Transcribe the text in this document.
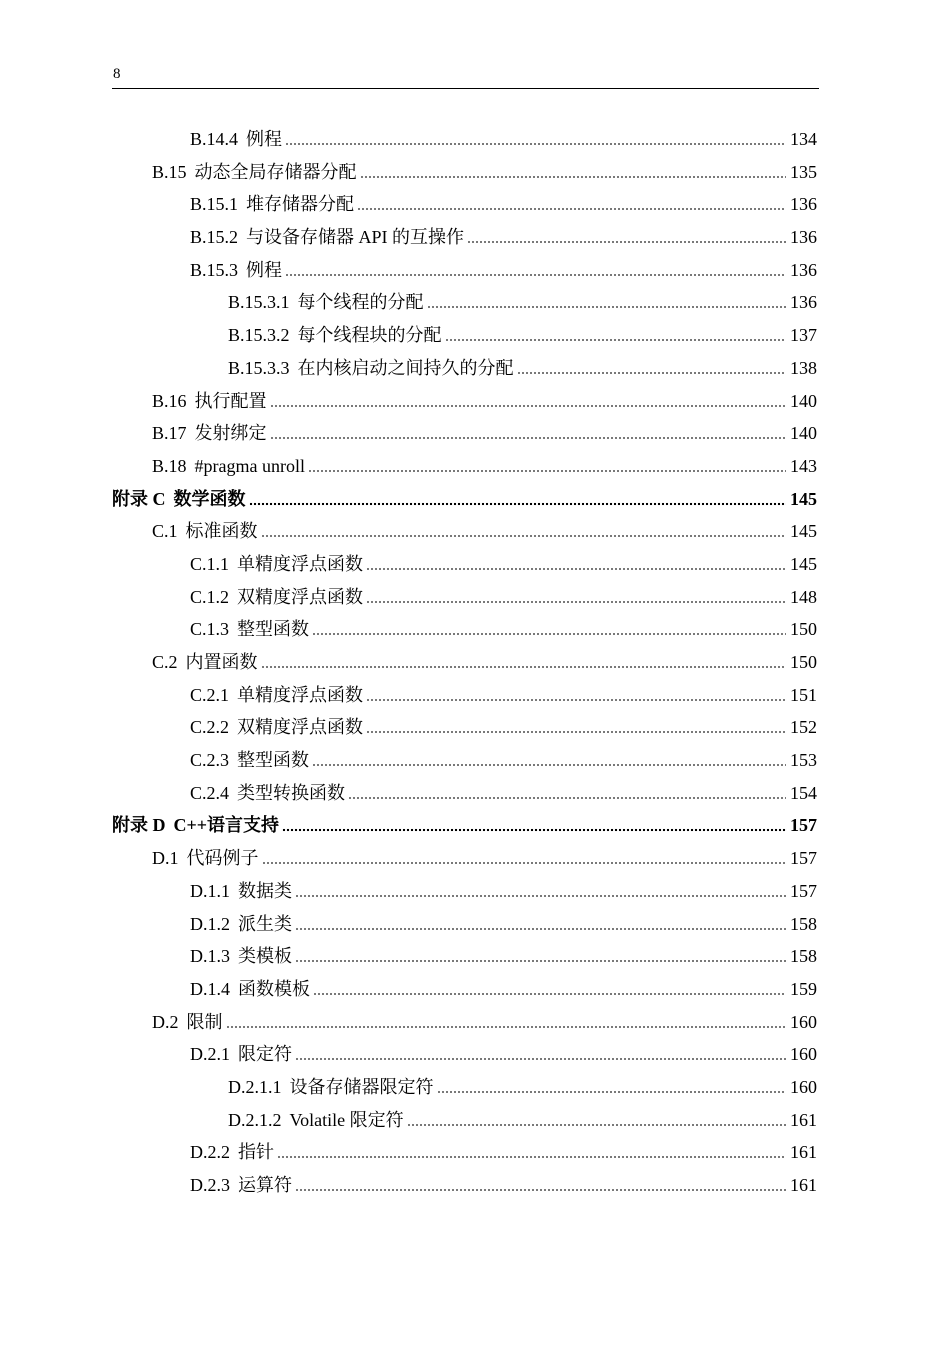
8
B.14.4 例程	134
B.15 动态全局存储器分配	135
B.15.1 堆存储器分配	136
B.15.2 与设备存储器 API 的互操作	136
B.15.3 例程	136
B.15.3.1 每个线程的分配	136
B.15.3.2 每个线程块的分配	137
B.15.3.3 在内核启动之间持久的分配	138
B.16 执行配置	140
B.17 发射绑定	140
B.18 #pragma unroll	143
附录 C 数学函数	145
C.1 标准函数	145
C.1.1 单精度浮点函数	145
C.1.2 双精度浮点函数	148
C.1.3 整型函数	150
C.2 内置函数	150
C.2.1 单精度浮点函数	151
C.2.2 双精度浮点函数	152
C.2.3 整型函数	153
C.2.4 类型转换函数	154
附录 D C++语言支持	157
D.1 代码例子	157
D.1.1 数据类	157
D.1.2 派生类	158
D.1.3 类模板	158
D.1.4 函数模板	159
D.2 限制	160
D.2.1 限定符	160
D.2.1.1 设备存储器限定符	160
D.2.1.2 Volatile 限定符	161
D.2.2 指针	161
D.2.3 运算符	161
